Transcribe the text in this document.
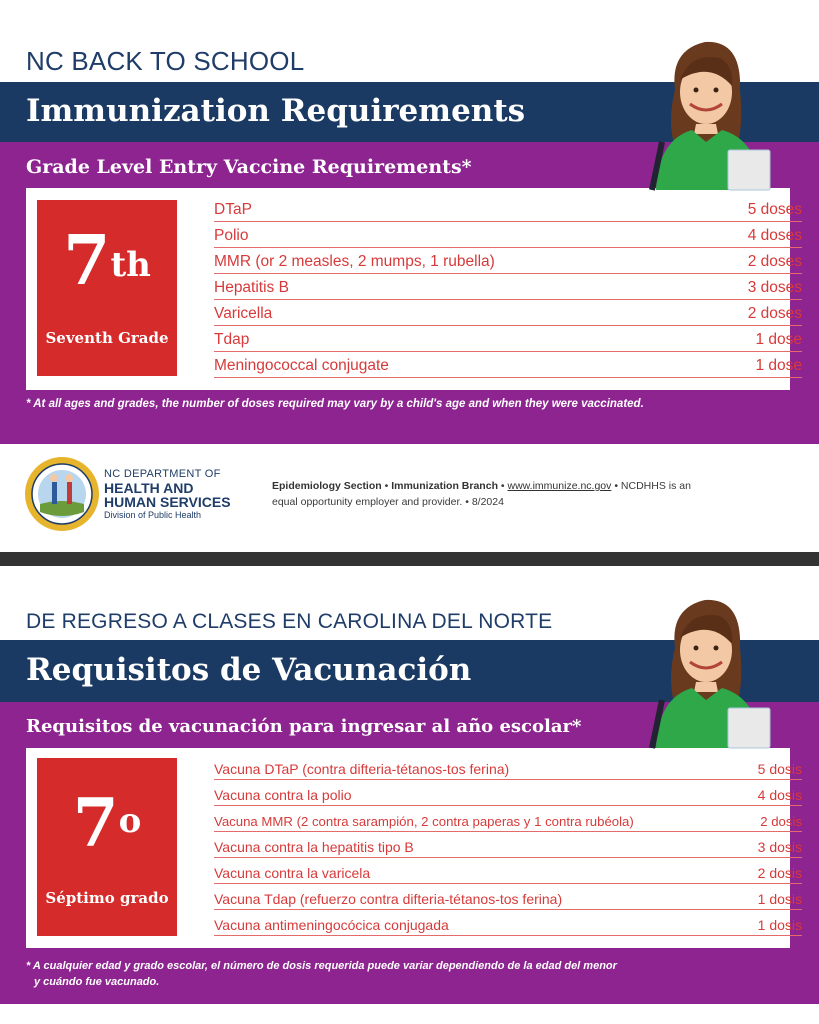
NC BACK TO SCHOOL
Immunization Requirements
Grade Level Entry Vaccine Requirements*
7th
Seventh Grade
DTaP	5 doses
Polio	4 doses
MMR (or 2 measles, 2 mumps, 1 rubella)	2 doses
Hepatitis B	3 doses
Varicella	2 doses
Tdap	1 dose
Meningococcal conjugate	1 dose
* At all ages and grades, the number of doses required may vary by a child's age and when they were vaccinated.
NC DEPARTMENT OF
HEALTH AND
HUMAN SERVICES
Division of Public Health
Epidemiology Section • Immunization Branch • www.immunize.nc.gov • NCDHHS is an
equal opportunity employer and provider. • 8/2024
DE REGRESO A CLASES EN CAROLINA DEL NORTE
Requisitos de Vacunación
Requisitos de vacunación para ingresar al año escolar*
7o
Séptimo grado
Vacuna DTaP (contra difteria-tétanos-tos ferina)	5 dosis
Vacuna contra la polio	4 dosis
Vacuna MMR (2 contra sarampión, 2 contra paperas y 1 contra rubéola)	2 dosis
Vacuna contra la hepatitis tipo B	3 dosis
Vacuna contra la varicela	2 dosis
Vacuna Tdap (refuerzo contra difteria-tétanos-tos ferina)	1 dosis
Vacuna antimeningocócica conjugada	1 dosis
* A cualquier edad y grado escolar, el número de dosis requerida puede variar dependiendo de la edad del menor
y cuándo fue vacunado.
